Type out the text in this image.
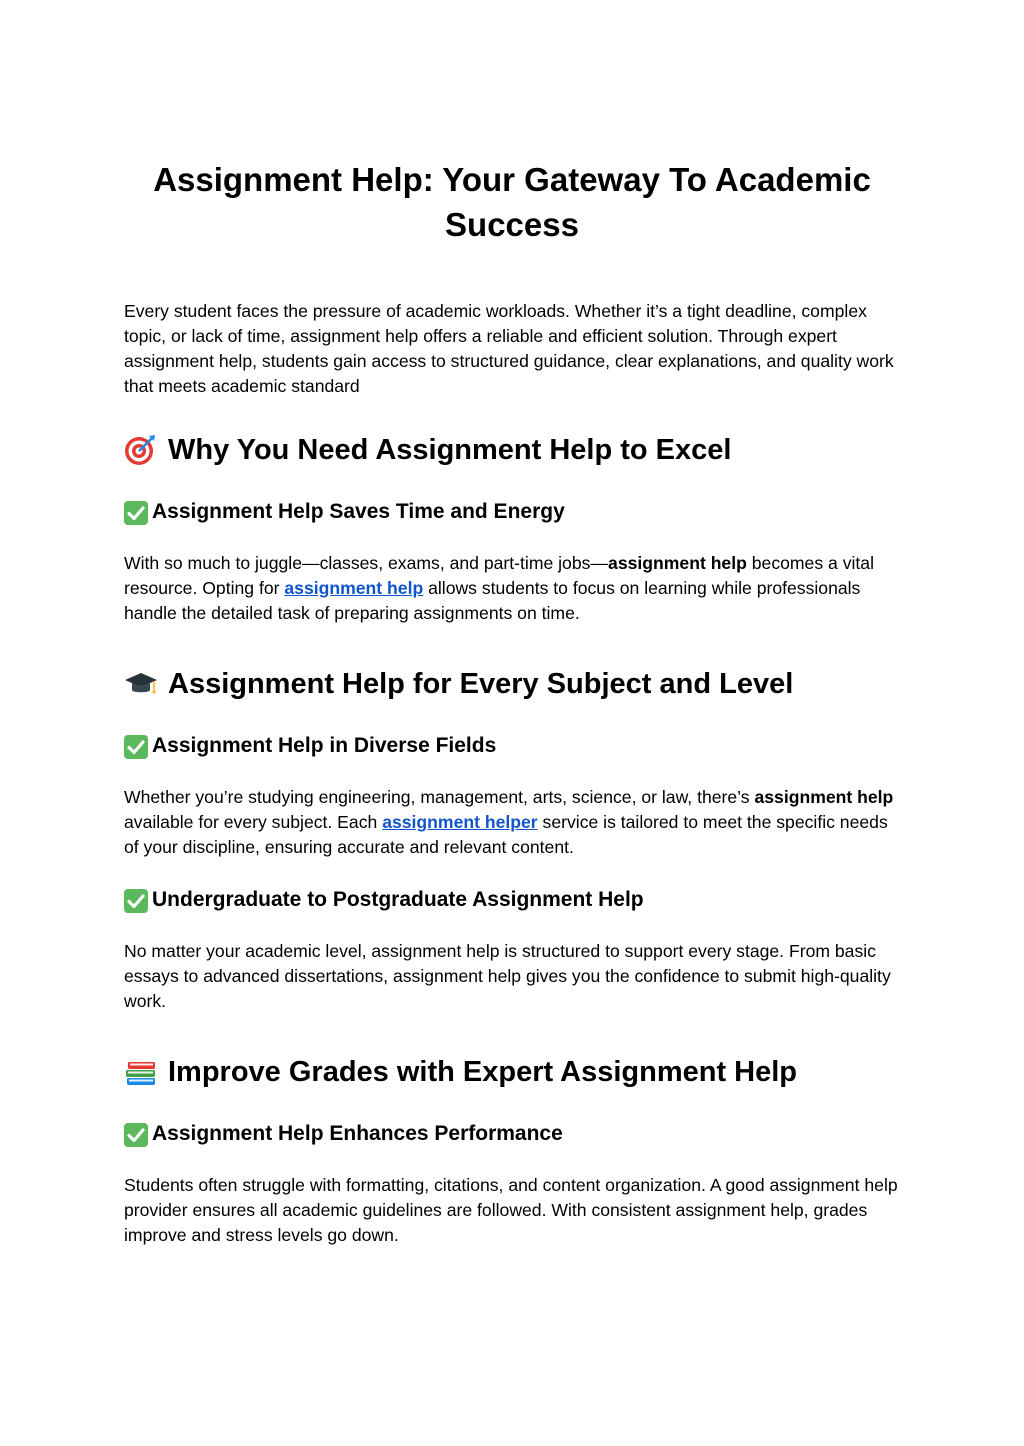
Assignment Help: Your Gateway To Academic Success

Every student faces the pressure of academic workloads. Whether it’s a tight deadline, complex topic, or lack of time, assignment help offers a reliable and efficient solution. Through expert assignment help, students gain access to structured guidance, clear explanations, and quality work that meets academic standard

Why You Need Assignment Help to Excel
Assignment Help Saves Time and Energy

With so much to juggle—classes, exams, and part-time jobs—assignment help becomes a vital resource. Opting for assignment help allows students to focus on learning while professionals handle the detailed task of preparing assignments on time.

Assignment Help for Every Subject and Level
Assignment Help in Diverse Fields

Whether you’re studying engineering, management, arts, science, or law, there’s assignment help available for every subject. Each assignment helper service is tailored to meet the specific needs of your discipline, ensuring accurate and relevant content.

Undergraduate to Postgraduate Assignment Help

No matter your academic level, assignment help is structured to support every stage. From basic essays to advanced dissertations, assignment help gives you the confidence to submit high-quality work.

Improve Grades with Expert Assignment Help
Assignment Help Enhances Performance

Students often struggle with formatting, citations, and content organization. A good assignment help provider ensures all academic guidelines are followed. With consistent assignment help, grades improve and stress levels go down.
